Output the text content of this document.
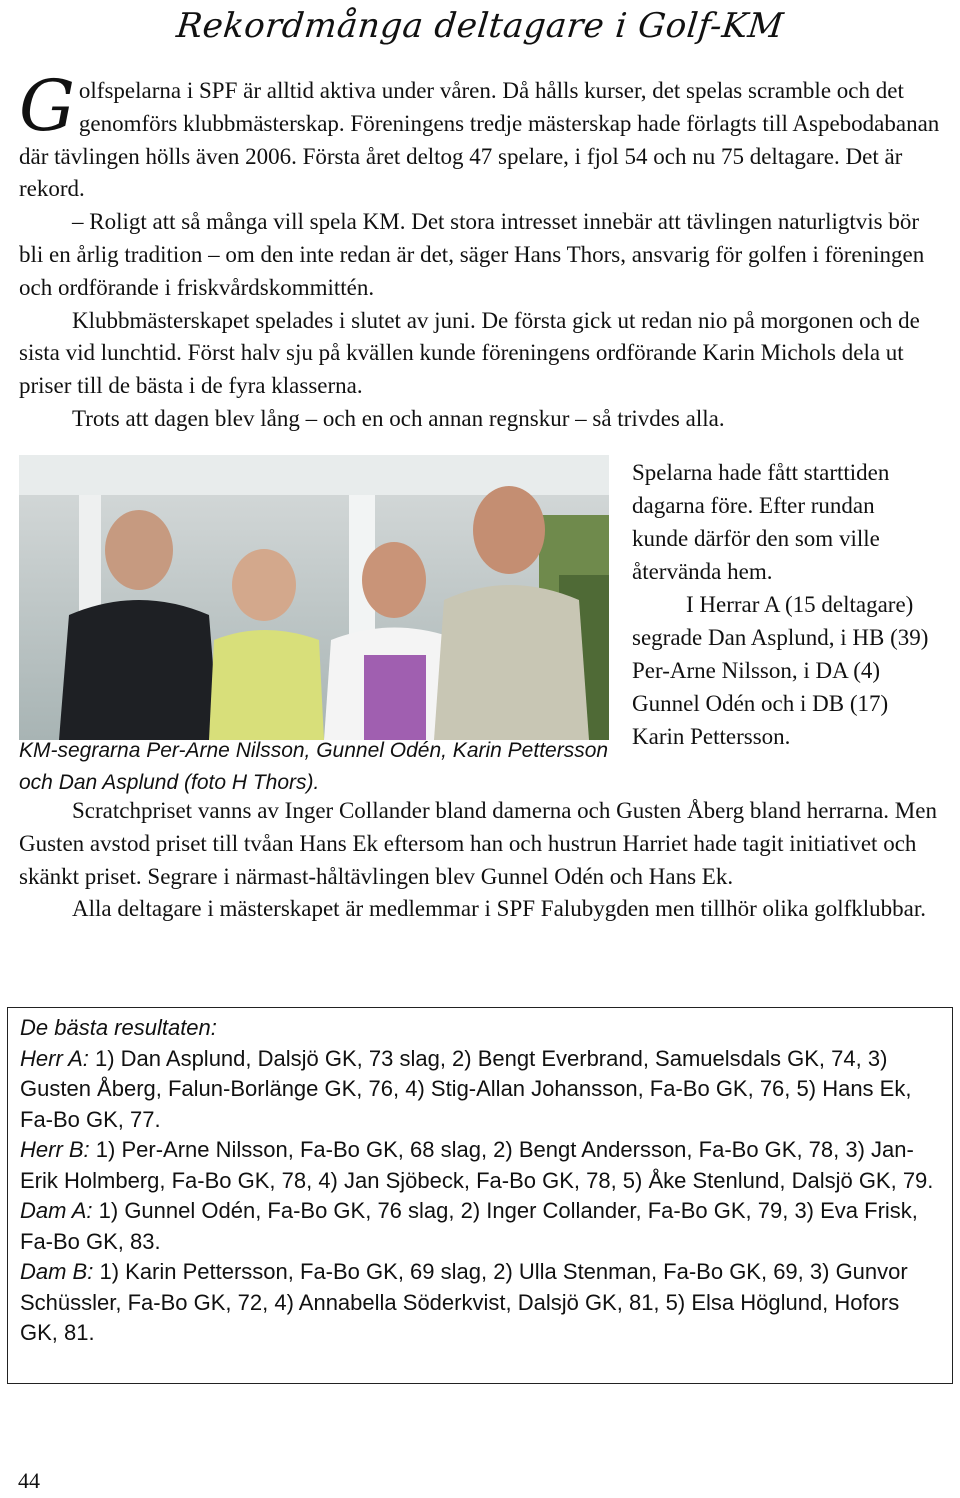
Rekordmånga deltagare i Golf-KM

Golfspelarna i SPF är alltid aktiva under våren. Då hålls kurser, det spelas scramble och det genomförs klubbmästerskap. Föreningens tredje mästerskap hade förlagts till Aspebodabanan där tävlingen hölls även 2006. Första året deltog 47 spelare, i fjol 54 och nu 75 deltagare. Det är rekord.

– Roligt att så många vill spela KM. Det stora intresset innebär att tävlingen naturligtvis bör bli en årlig tradition – om den inte redan är det, säger Hans Thors, ansvarig för golfen i föreningen och ordförande i friskvårdskommittén.

Klubbmästerskapet spelades i slutet av juni. De första gick ut redan nio på morgonen och de sista vid lunchtid. Först halv sju på kvällen kunde föreningens ordförande Karin Michols dela ut priser till de bästa i de fyra klasserna.

Trots att dagen blev lång – och en och annan regnskur – så trivdes alla.

KM-segrarna Per-Arne Nilsson, Gunnel Odén, Karin Pettersson och Dan Asplund (foto H Thors).

Spelarna hade fått starttiden dagarna före. Efter rundan kunde därför den som ville återvända hem.

I Herrar A (15 deltagare) segrade Dan Asplund, i HB (39) Per-Arne Nilsson, i DA (4) Gunnel Odén och i DB (17) Karin Pettersson.

Scratchpriset vanns av Inger Collander bland damerna och Gusten Åberg bland herrarna. Men Gusten avstod priset till tvåan Hans Ek eftersom han och hustrun Harriet hade tagit initiativet och skänkt priset. Segrare i närmast-håltävlingen blev Gunnel Odén och Hans Ek.

Alla deltagare i mästerskapet är medlemmar i SPF Falubygden men tillhör olika golfklubbar.

De bästa resultaten:

Herr A: 1) Dan Asplund, Dalsjö GK, 73 slag, 2) Bengt Everbrand, Samuelsdals GK, 74, 3) Gusten Åberg, Falun-Borlänge GK, 76, 4) Stig-Allan Johansson, Fa-Bo GK, 76, 5) Hans Ek, Fa-Bo GK, 77.

Herr B: 1) Per-Arne Nilsson, Fa-Bo GK, 68 slag, 2) Bengt Andersson, Fa-Bo GK, 78, 3) Jan-Erik Holmberg, Fa-Bo GK, 78, 4) Jan Sjöbeck, Fa-Bo GK, 78, 5) Åke Stenlund, Dalsjö GK, 79.

Dam A: 1) Gunnel Odén, Fa-Bo GK, 76 slag, 2) Inger Collander, Fa-Bo GK, 79, 3) Eva Frisk, Fa-Bo GK, 83.

Dam B: 1) Karin Pettersson, Fa-Bo GK, 69 slag, 2) Ulla Stenman, Fa-Bo GK, 69, 3) Gunvor Schüssler, Fa-Bo GK, 72, 4) Annabella Söderkvist, Dalsjö GK, 81, 5) Elsa Höglund, Hofors GK, 81.

44
